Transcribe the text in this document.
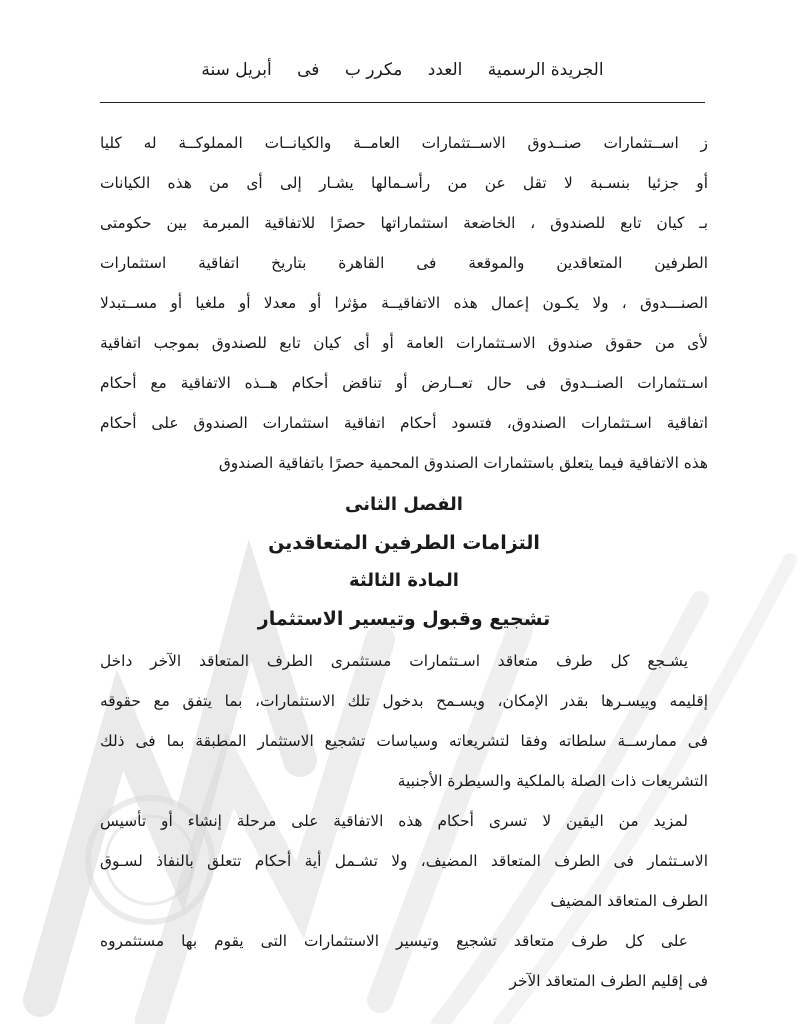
الجريدة الرسمية العدد مكرر ب فى أبريل سنة
ز اســتثمارات صنــدوق الاســتثمارات العامــة والكيانــات المملوكــة له كليا
أو جزئيا بنسـبة لا تقل عن من رأسـمالها يشـار إلى أى من هذه الكيانات
بـ كيان تابع للصندوق ، الخاضعة استثماراتها حصرًا للاتفاقية المبرمة بين حكومتى
الطرفين المتعاقدين والموقعة فى القاهرة بتاريخ اتفاقية استثمارات
الصنـــدوق ، ولا يكـون إعمال هذه الاتفاقيــة مؤثرا أو معدلا أو ملغيا أو مســتبدلا
لأى من حقوق صندوق الاسـتثمارات العامة أو أى كيان تابع للصندوق بموجب اتفاقية
اسـتثمارات الصنــدوق فى حال تعــارض أو تناقض أحكام هــذه الاتفاقية مع أحكام
اتفاقية اسـتثمارات الصندوق، فتسود أحكام اتفاقية استثمارات الصندوق على أحكام
هذه الاتفاقية فيما يتعلق باستثمارات الصندوق المحمية حصرًا باتفاقية الصندوق
الفصل الثانى
التزامات الطرفين المتعاقدين
المادة الثالثة
تشجيع وقبول وتيسير الاستثمار
يشـجع كل طرف متعاقد اسـتثمارات مستثمرى الطرف المتعاقد الآخر داخل
إقليمه وييسـرها بقدر الإمكان، ويسـمح بدخول تلك الاستثمارات، بما يتفق مع حقوقه
فى ممارســة سلطاته وفقا لتشريعاته وسياسات تشجيع الاستثمار المطبقة بما فى ذلك
التشريعات ذات الصلة بالملكية والسيطرة الأجنبية
لمزيد من اليقين لا تسرى أحكام هذه الاتفاقية على مرحلة إنشاء أو تأسيس
الاسـتثمار فى الطرف المتعاقد المضيف، ولا تشـمل أية أحكام تتعلق بالنفاذ لسـوق
الطرف المتعاقد المضيف
على كل طرف متعاقد تشجيع وتيسير الاستثمارات التى يقوم بها مستثمروه
فى إقليم الطرف المتعاقد الآخر
